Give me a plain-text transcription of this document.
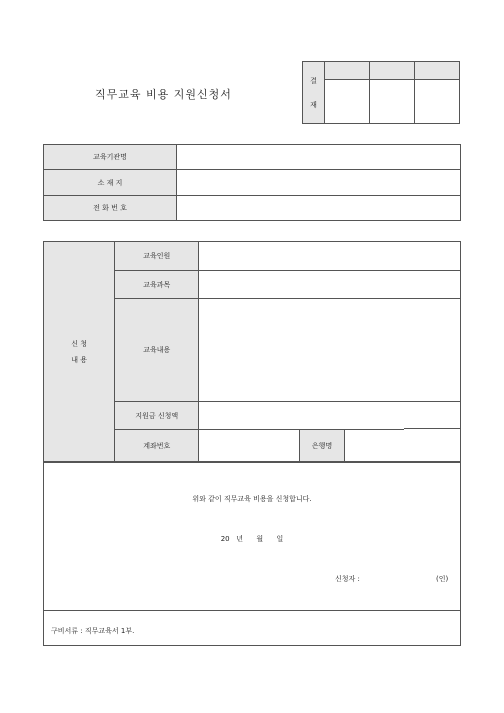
직무교육 비용 지원신청서
결
재			

교육기관명	
소 재 지	
전 화 번 호	
신 청
내 용	교육인원				
	교육과목				
	교육내용				
	지원금 신청액				
	계좌번호		은행명		
위와 같이 직무교육 비용을 신청합니다.
20   년      월      일
신청자 :	(인)
구비서류 : 직무교육서 1부.
